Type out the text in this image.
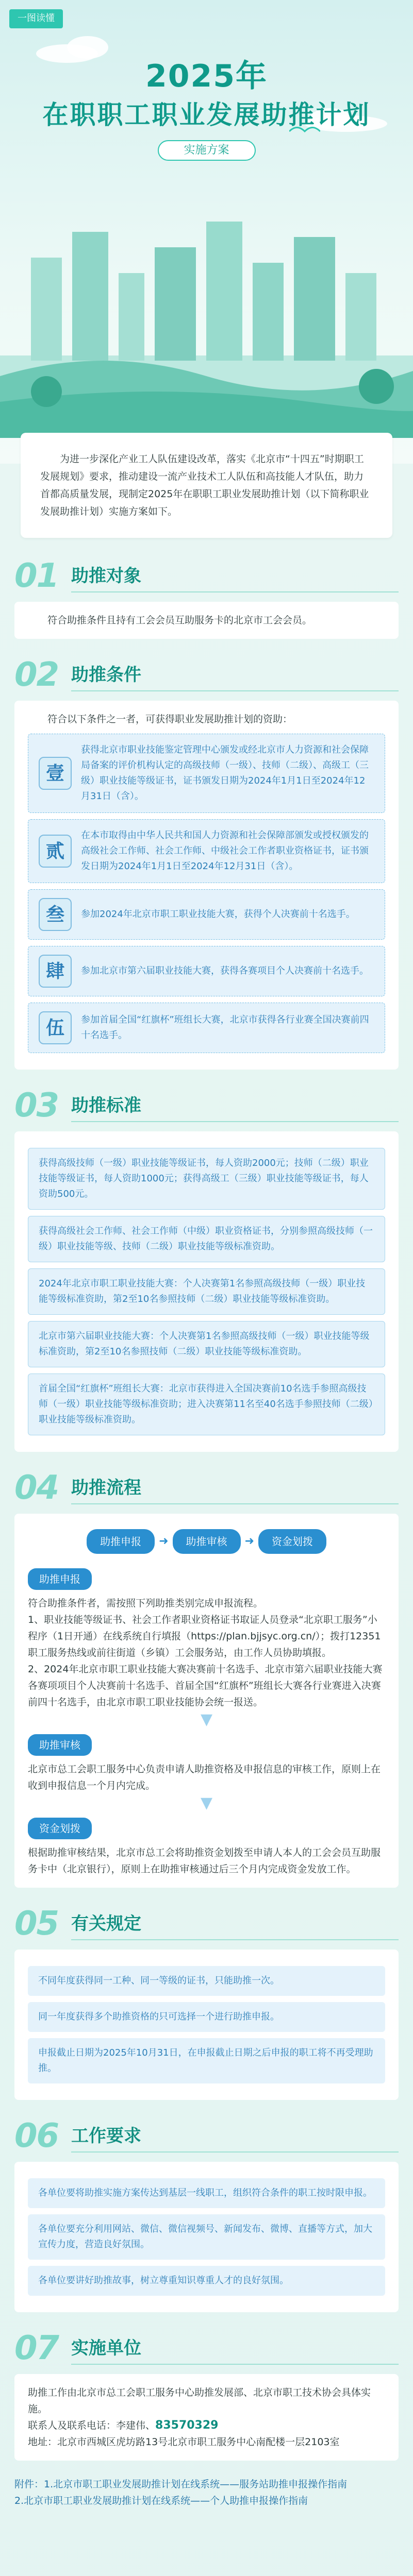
一图读懂
2025年
在职职工职业发展助推计划
实施方案
为进一步深化产业工人队伍建设改革，落实《北京市“十四五”时期职工发展规划》要求，推动建设一流产业技术工人队伍和高技能人才队伍，助力首都高质量发展，现制定2025年在职职工职业发展助推计划（以下简称职业发展助推计划）实施方案如下。
01 助推对象

符合助推条件且持有工会会员互助服务卡的北京市工会会员。

02 助推条件

符合以下条件之一者，可获得职业发展助推计划的资助：

壹
获得北京市职业技能鉴定管理中心颁发或经北京市人力资源和社会保障局备案的评价机构认定的高级技师（一级）、技师（二级）、高级工（三级）职业技能等级证书，证书颁发日期为2024年1月1日至2024年12月31日（含）。
贰
在本市取得由中华人民共和国人力资源和社会保障部颁发或授权颁发的高级社会工作师、社会工作师、中级社会工作者职业资格证书，证书颁发日期为2024年1月1日至2024年12月31日（含）。
叁	参加2024年北京市职工职业技能大赛，获得个人决赛前十名选手。
肆	参加北京市第六届职业技能大赛，获得各赛项目个人决赛前十名选手。
伍	参加首届全国“红旗杯”班组长大赛，北京市获得各行业赛全国决赛前四十名选手。
03 助推标准
获得高级技师（一级）职业技能等级证书，每人资助2000元；技师（二级）职业技能等级证书，每人资助1000元；获得高级工（三级）职业技能等级证书，每人资助500元。
获得高级社会工作师、社会工作师（中级）职业资格证书，分别参照高级技师（一级）职业技能等级、技师（二级）职业技能等级标准资助。
2024年北京市职工职业技能大赛：个人决赛第1名参照高级技师（一级）职业技能等级标准资助，第2至10名参照技师（二级）职业技能等级标准资助。
北京市第六届职业技能大赛：个人决赛第1名参照高级技师（一级）职业技能等级标准资助，第2至10名参照技师（二级）职业技能等级标准资助。
首届全国“红旗杯”班组长大赛：北京市获得进入全国决赛前10名选手参照高级技师（一级）职业技能等级标准资助；进入决赛第11名至40名选手参照技师（二级）职业技能等级标准资助。
04 助推流程
助推申报	➜	助推审核	➜	资金划拨
助推申报

符合助推条件者，需按照下列助推类别完成申报流程。
1、职业技能等级证书、社会工作者职业资格证书取证人员登录“北京职工服务”小程序（1日开通）在线系统自行填报（https://plan.bjjsyc.org.cn/）；拨打12351职工服务热线或前往街道（乡镇）工会服务站，由工作人员协助填报。
2、2024年北京市职工职业技能大赛决赛前十名选手、北京市第六届职业技能大赛各赛项项目个人决赛前十名选手、首届全国“红旗杯”班组长大赛各行业赛进入决赛前四十名选手，由北京市职工职业技能协会统一报送。

▼
助推审核

北京市总工会职工服务中心负责申请人助推资格及申报信息的审核工作，原则上在收到申报信息一个月内完成。

▼
资金划拨

根据助推审核结果，北京市总工会将助推资金划拨至申请人本人的工会会员互助服务卡中（北京银行），原则上在助推审核通过后三个月内完成资金发放工作。

05 有关规定
不同年度获得同一工种、同一等级的证书，只能助推一次。
同一年度获得多个助推资格的只可选择一个进行助推申报。
申报截止日期为2025年10月31日，在申报截止日期之后申报的职工将不再受理助推。
06 工作要求
各单位要将助推实施方案传达到基层一线职工，组织符合条件的职工按时限申报。
各单位要充分利用网站、微信、微信视频号、新闻发布、微博、直播等方式，加大宣传力度，营造良好氛围。
各单位要讲好助推故事，树立尊重知识尊重人才的良好氛围。
07 实施单位

助推工作由北京市总工会职工服务中心助推发展部、北京市职工技术协会具体实施。

联系人及联系电话：李建伟、83570329

地址：北京市西城区虎坊路13号北京市职工服务中心南配楼一层2103室

附件：1.北京市职工职业发展助推计划在线系统——服务站助推申报操作指南

2.北京市职工职业发展助推计划在线系统——个人助推申报操作指南
